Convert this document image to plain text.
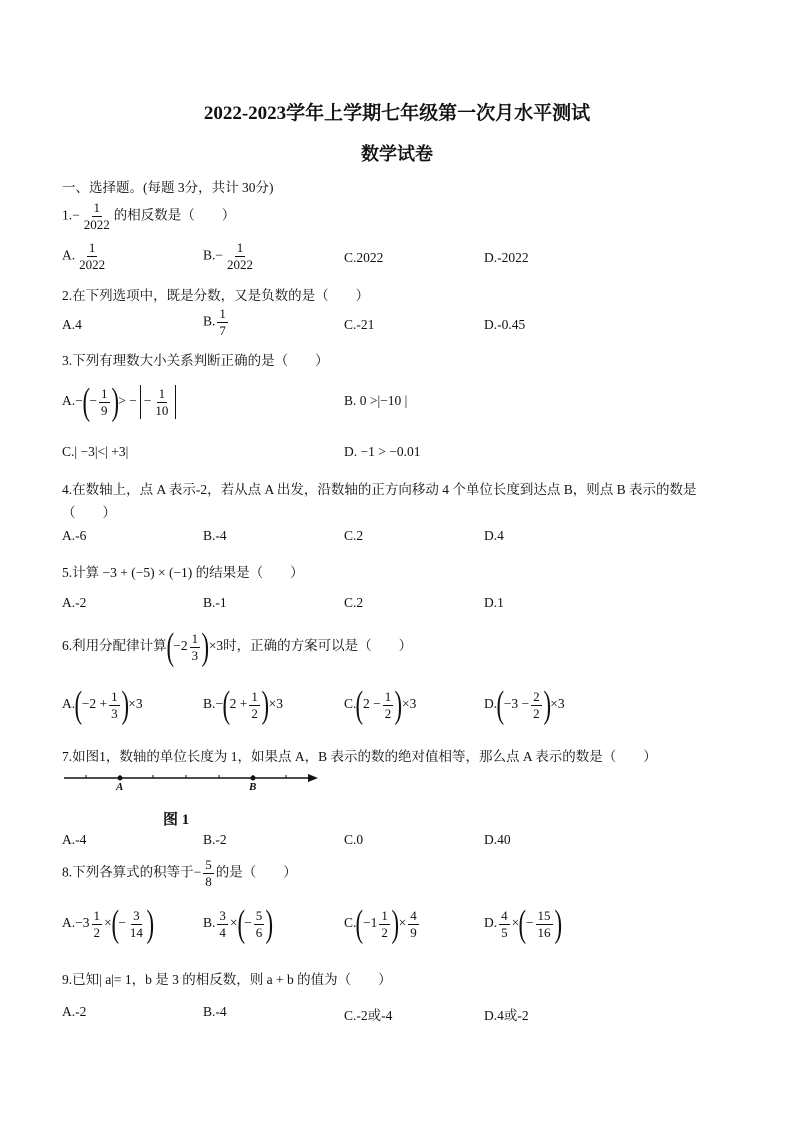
2022-2023学年上学期七年级第一次月水平测试
数学试卷
一、选择题。(每题 3分，共计 30分)
$1.- \frac{1}{2022}$ 的相反数是（　　）
A. $\frac{1}{2022}$	$B.- \frac{1}{2022}$	C.2022	D.-2022
2.在下列选项中，既是分数，又是负数的是（　　）
A.4	B. $\frac{1}{7}$	C.-21	D.-0.45
3.下列有理数大小关系判断正确的是（　　）
$A.-(- \frac{1}{9}$ )> − − $\frac{1}{10}$	B. 0 >|−10 |
C.| −3|<| +3|	D. −1 > −0.01
4.在数轴上，点 A 表示-2，若从点 A 出发，沿数轴的正方向移动 4 个单位长度到达点 B，则点 B 表示的数是
（　　）
A.-6	B.-4	C.2	D.4
5.计算 −3 + (−5) × (−1) 的结果是（　　）
A.-2	B.-1	C.2	D.1
6.利用分配律计算$(-2 \frac{1}{3} )\times 3$时，正确的方案可以是（　　）
$A.(-2 + \frac{1}{3} )\times 3$	$B.-(2 + \frac{1}{2} )\times 3$	$C.(2 - \frac{1}{2} )\times 3$	$D.(-3 - \frac{2}{2} )\times 3$
7.如图1，数轴的单位长度为 1，如果点 A，B 表示的数的绝对值相等，那么点 A 表示的数是（　　）
A	B
图 1
A.-4	B.-2	C.0	D.40
8.下列各算式的积等于− $\frac{5}{8}$ 的是（　　）
$A.-3 \frac{1}{2}$ ×(− $\frac{3}{14}$ )	B. $\frac{3}{4}$ ×(− $\frac{5}{6}$ )	$C.(-1 \frac{1}{2}$ )× $\frac{4}{9}$	D. $\frac{4}{5}$ ×(− $\frac{15}{16}$ )
9.已知| a|= 1，b 是 3 的相反数，则 a + b 的值为（　　）
A.-2	B.-4	C.-2或-4	D.4或-2
